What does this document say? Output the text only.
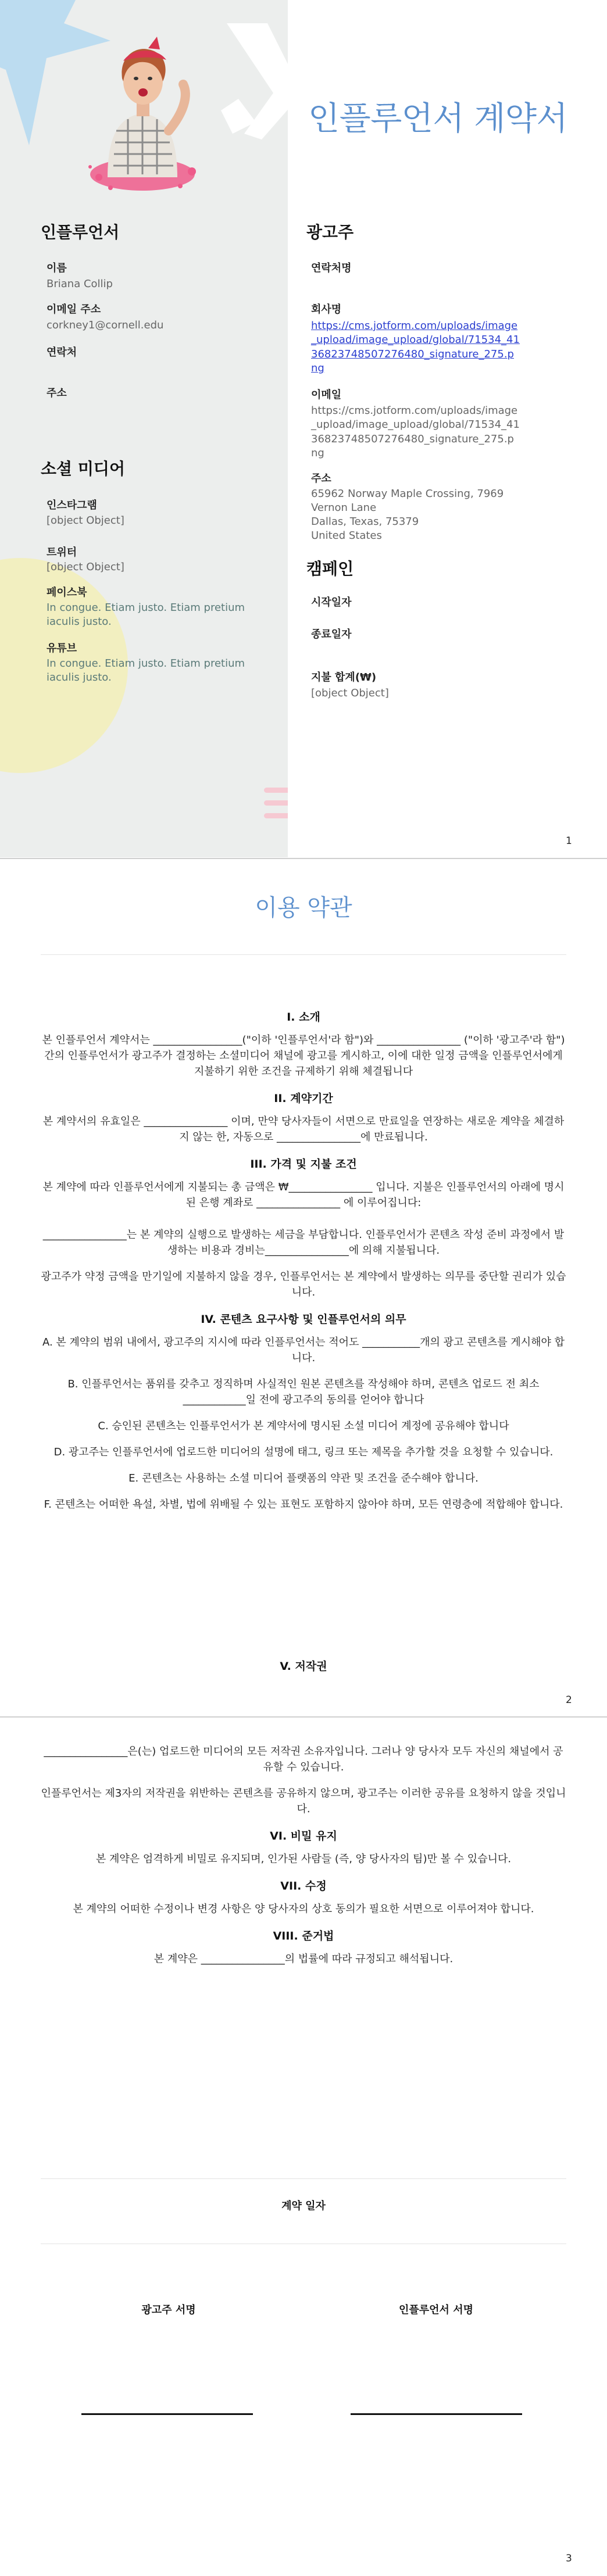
인플루언서 계약서
인플루언서
이름
Briana Collip
이메일 주소
corkney1@cornell.edu
연락처
주소
소셜 미디어
인스타그램
[object Object]
트위터
[object Object]
페이스북
In congue. Etiam justo. Etiam pretium iaculis justo.
유튜브
In congue. Etiam justo. Etiam pretium iaculis justo.
광고주
연락처명
회사명
https://cms.jotform.com/uploads/image_upload/image_upload/global/71534_4136823748507276480_signature_275.png
이메일
https://cms.jotform.com/uploads/image_upload/image_upload/global/71534_4136823748507276480_signature_275.png
주소
65962 Norway Maple Crossing, 7969
Vernon Lane
Dallas, Texas, 75379
United States
캠페인
시작일자
종료일자
지불 합계(₩)
[object Object]
1
이용 약관
I. 소개
본 인플루언서 계약서는 _________________("이하 '인플루언서'라 함")와 ________________ ("이하 '광고주'라 함") 간의 인플루언서가 광고주가 결정하는 소셜미디어 채널에 광고를 게시하고, 이에 대한 일정 금액을 인플루언서에게 지불하기 위한 조건을 규제하기 위해 체결됩니다
II. 계약기간
본 계약서의 유효일은 ________________ 이며, 만약 당사자들이 서면으로 만료일을 연장하는 새로운 계약을 체결하지 않는 한, 자동으로 ________________에 만료됩니다.
III. 가격 및 지불 조건
본 계약에 따라 인플루언서에게 지불되는 총 금액은 ₩________________ 입니다. 지불은 인플루언서의 아래에 명시된 은행 계좌로 ________________ 에 이루어집니다:
________________는 본 계약의 실행으로 발생하는 세금을 부담합니다. 인플루언서가 콘텐츠 작성 준비 과정에서 발생하는 비용과 경비는________________에 의해 지불됩니다.
광고주가 약정 금액을 만기일에 지불하지 않을 경우, 인플루언서는 본 계약에서 발생하는 의무를 중단할 권리가 있습니다.
IV. 콘텐츠 요구사항 및 인플루언서의 의무
A. 본 계약의 범위 내에서, 광고주의 지시에 따라 인플루언서는 적어도 ___________개의 광고 콘텐츠를 게시해야 합니다.
B. 인플루언서는 품위를 갖추고 정직하며 사실적인 원본 콘텐츠를 작성해야 하며, 콘텐츠 업로드 전 최소 ____________일 전에 광고주의 동의를 얻어야 합니다
C. 승인된 콘텐츠는 인플루언서가 본 계약서에 명시된 소셜 미디어 계정에 공유해야 합니다
D. 광고주는 인플루언서에 업로드한 미디어의 설명에 태그, 링크 또는 제목을 추가할 것을 요청할 수 있습니다.
E. 콘텐츠는 사용하는 소셜 미디어 플랫폼의 약관 및 조건을 준수해야 합니다.
F. 콘텐츠는 어떠한 욕설, 차별, 법에 위배될 수 있는 표현도 포함하지 않아야 하며, 모든 연령층에 적합해야 합니다.
V. 저작권
2
________________은(는) 업로드한 미디어의 모든 저작권 소유자입니다. 그러나 양 당사자 모두 자신의 채널에서 공유할 수 있습니다.
인플루언서는 제3자의 저작권을 위반하는 콘텐츠를 공유하지 않으며, 광고주는 이러한 공유를 요청하지 않을 것입니다.
VI. 비밀 유지
본 계약은 엄격하게 비밀로 유지되며, 인가된 사람들 (즉, 양 당사자의 팀)만 볼 수 있습니다.
VII. 수정
본 계약의 어떠한 수정이나 변경 사항은 양 당사자의 상호 동의가 필요한 서면으로 이루어져야 합니다.
VIII. 준거법
본 계약은 ________________의 법률에 따라 규정되고 해석됩니다.
계약 일자
광고주 서명	인플루언서 서명
3
